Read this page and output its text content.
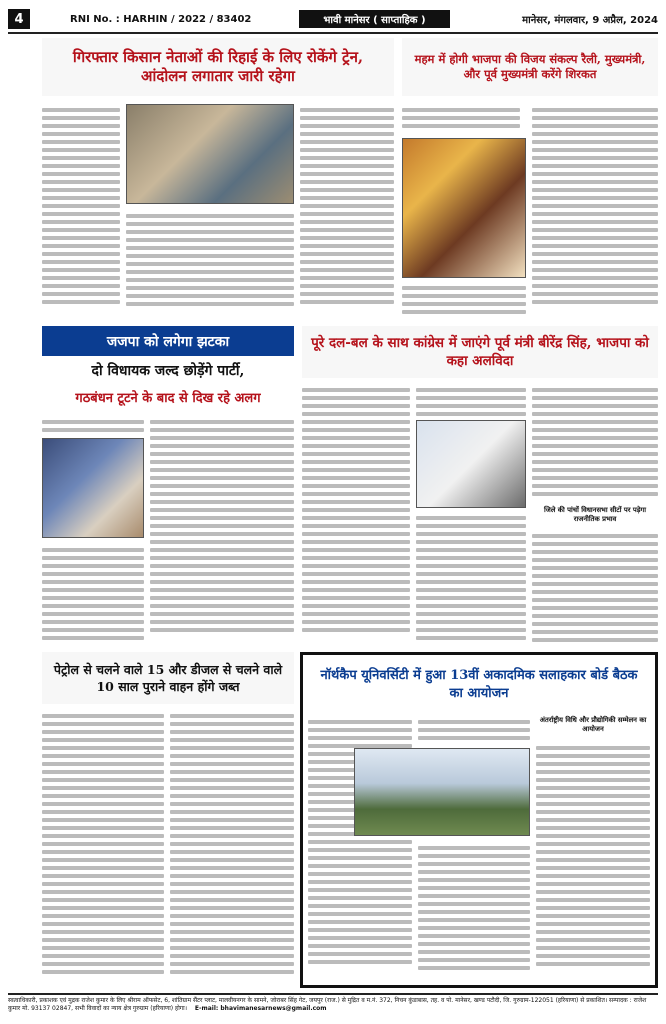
4	RNI No. : HARHIN / 2022 / 83402	भावी मानेसर ( साप्ताहिक )	मानेसर, मंगलवार, 9 अप्रैल, 2024
गिरफ्तार किसान नेताओं की रिहाई के लिए रोकेंगे ट्रेन, आंदोलन लगातार जारी रहेगा
महम में होगी भाजपा की विजय संकल्प रैली, मुख्यमंत्री, और पूर्व मुख्यमंत्री करेंगे शिरकत
जजपा को लगेगा झटका
दो विधायक जल्द छोड़ेंगे पार्टी,
गठबंधन टूटने के बाद से दिख रहे अलग
पूरे दल-बल के साथ कांग्रेस में जाएंगे पूर्व मंत्री बीरेंद्र सिंह, भाजपा को कहा अलविदा
जिले की पांचों विधानसभा सीटों पर पड़ेगा राजनीतिक प्रभाव
पेट्रोल से चलने वाले 15 और डीजल से चलने वाले 10 साल पुराने वाहन होंगे जब्त
नॉर्थकैप यूनिवर्सिटी में हुआ 13वीं अकादमिक सलाहकार बोर्ड बैठक का आयोजन
अंतर्राष्ट्रीय विधि और प्रौद्योगिकी सम्मेलन का आयोजन
स्वत्वाधिकारी, प्रकाशक एवं मुद्रक राजेश कुमार के लिए श्रीराम ऑफसेट, 6, शांतिग्राम सैंटर प्लाट, मालवीयनगर के सामने, जोराबर सिंह गेट, जयपुर (राज.) से मुद्रित व म.नं. 372, निचन कुंडाबास, तह. व पो. मानेसर, खण्ड पटौदी, जि. गुरुग्राम-122051 (हरियाणा) से प्रकाशित। सम्पादक : राजेश कुमार मो. 93137 02847, सभी विवादों का न्याय क्षेत्र गुरुग्राम (हरियाणा) होगा। E-mail: bhavimanesarnews@gmail.com
